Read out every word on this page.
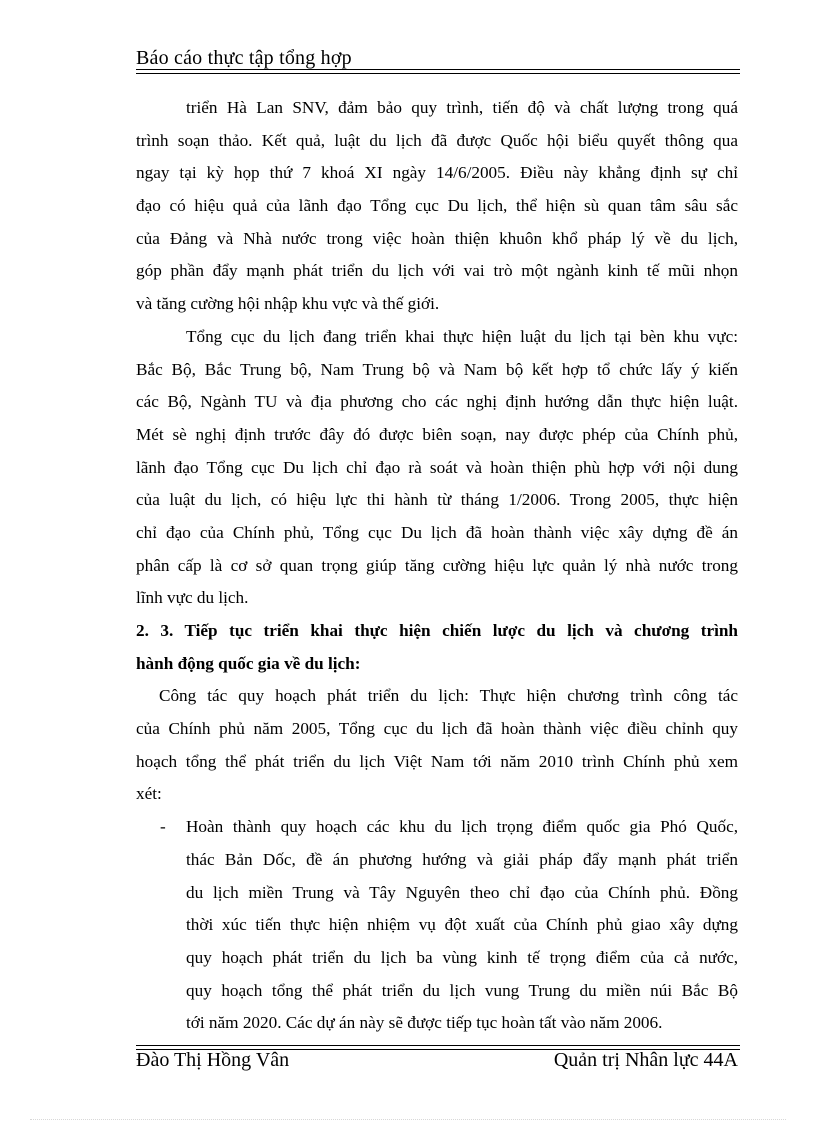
Báo cáo thực tập tổng hợp
triển Hà Lan SNV, đảm bảo quy trình, tiến độ và chất lượng trong quá
trình soạn thảo. Kết quả, luật du lịch đã được Quốc hội biểu quyết thông qua
ngay tại kỳ họp thứ 7 khoá XI ngày 14/6/2005. Điều này khẳng định sự chỉ
đạo có hiệu quả của lãnh đạo Tổng cục Du lịch, thể hiện sù quan tâm sâu sắc
của Đảng và Nhà nước trong việc hoàn thiện khuôn khổ pháp lý về du lịch,
góp phần đẩy mạnh phát triển du lịch với vai trò một ngành kinh tế mũi nhọn
và tăng cường hội nhập khu vực và thế giới.
Tổng cục du lịch đang triển khai thực hiện luật du lịch tại bèn khu vực:
Bắc Bộ, Bắc Trung bộ, Nam Trung bộ và Nam bộ kết hợp tổ chức lấy ý kiến
các Bộ, Ngành TU và địa phương cho các nghị định hướng dẫn thực hiện luật.
Mét sè nghị định trước đây đó được biên soạn, nay được phép của Chính phủ,
lãnh đạo Tổng cục Du lịch chỉ đạo rà soát và hoàn thiện phù hợp với nội dung
của luật du lịch, có hiệu lực thi hành từ tháng 1/2006. Trong 2005, thực hiện
chỉ đạo của Chính phủ, Tổng cục Du lịch đã hoàn thành việc xây dựng đề án
phân cấp là cơ sở quan trọng giúp tăng cường hiệu lực quản lý nhà nước trong
lĩnh vực du lịch.
2. 3. Tiếp tục triển khai thực hiện chiến lược du lịch và chương trình
hành động quốc gia về du lịch:
Công tác quy hoạch phát triển du lịch: Thực hiện chương trình công tác
của Chính phủ năm 2005, Tổng cục du lịch đã hoàn thành việc điều chỉnh quy
hoạch tổng thể phát triển du lịch Việt Nam tới năm 2010 trình Chính phủ xem
xét:
- Hoàn thành quy hoạch các khu du lịch trọng điểm quốc gia Phó Quốc,
thác Bản Dốc, đề án phương hướng và giải pháp đẩy mạnh phát triển
du lịch miền Trung và Tây Nguyên theo chỉ đạo của Chính phủ. Đồng
thời xúc tiến thực hiện nhiệm vụ đột xuất của Chính phủ giao xây dựng
quy hoạch phát triển du lịch ba vùng kinh tế trọng điểm của cả nước,
quy hoạch tổng thể phát triển du lịch vung Trung du miền núi Bắc Bộ
tới năm 2020. Các dự án này sẽ được tiếp tục hoàn tất vào năm 2006.
Đào Thị Hồng Vân	Quản trị Nhân lực 44A
